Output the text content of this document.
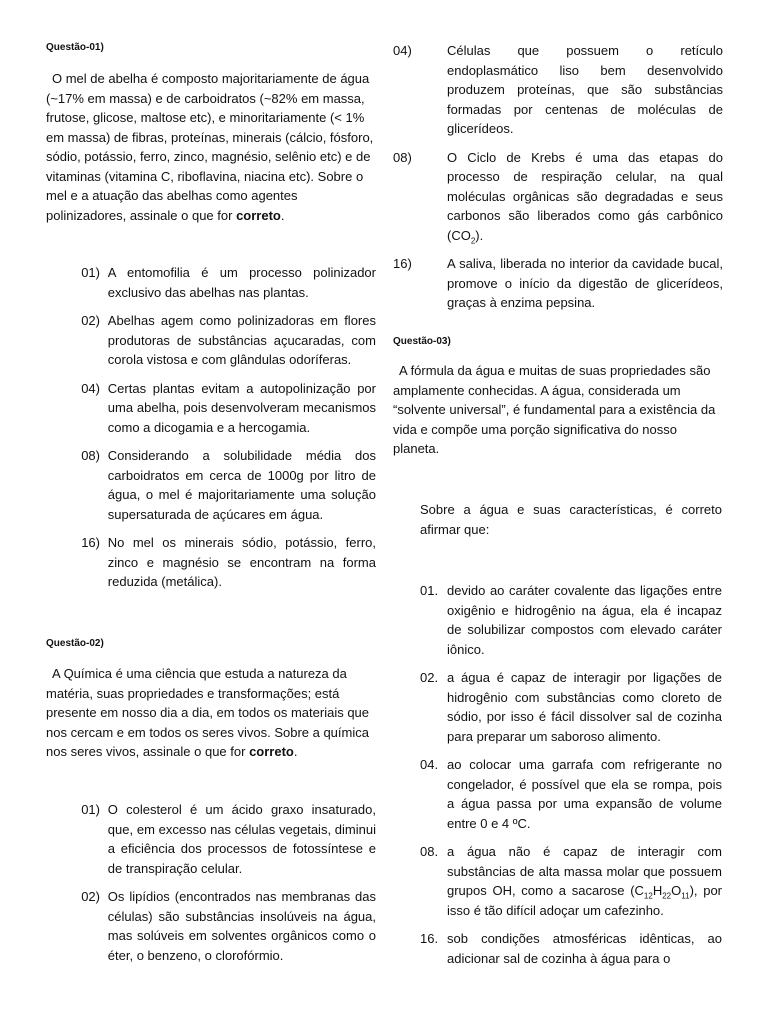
Questão-01)

O mel de abelha é composto majoritariamente de água (~17% em massa) e de carboidratos (~82% em massa, frutose, glicose, maltose etc), e minoritariamente (< 1% em massa) de fibras, proteínas, minerais (cálcio, fósforo, sódio, potássio, ferro, zinco, magnésio, selênio etc) e de vitaminas (vitamina C, riboflavina, niacina etc). Sobre o mel e a atuação das abelhas como agentes polinizadores, assinale o que for correto.

01) A entomofilia é um processo polinizador exclusivo das abelhas nas plantas.
02) Abelhas agem como polinizadoras em flores produtoras de substâncias açucaradas, com corola vistosa e com glândulas odoríferas.
04) Certas plantas evitam a autopolinização por uma abelha, pois desenvolveram mecanismos como a dicogamia e a hercogamia.
08) Considerando a solubilidade média dos carboidratos em cerca de 1000g por litro de água, o mel é majoritariamente uma solução supersaturada de açúcares em água.
16) No mel os minerais sódio, potássio, ferro, zinco e magnésio se encontram na forma reduzida (metálica).

Questão-02)

A Química é uma ciência que estuda a natureza da matéria, suas propriedades e transformações; está presente em nosso dia a dia, em todos os materiais que nos cercam e em todos os seres vivos. Sobre a química nos seres vivos, assinale o que for correto.

01) O colesterol é um ácido graxo insaturado, que, em excesso nas células vegetais, diminui a eficiência dos processos de fotossíntese e de transpiração celular.
02) Os lipídios (encontrados nas membranas das células) são substâncias insolúveis na água, mas solúveis em solventes orgânicos como o éter, o benzeno, o clorofórmio.
04)	Células que possuem o retículo endoplasmático liso bem desenvolvido produzem proteínas, que são substâncias formadas por centenas de moléculas de glicerídeos.
08)	O Ciclo de Krebs é uma das etapas do processo de respiração celular, na qual moléculas orgânicas são degradadas e seus carbonos são liberados como gás carbônico $(CO_2)$.
16)	A saliva, liberada no interior da cavidade bucal, promove o início da digestão de glicerídeos, graças à enzima pepsina.

Questão-03)

A fórmula da água e muitas de suas propriedades são amplamente conhecidas. A água, considerada um “solvente universal”, é fundamental para a existência da vida e compõe uma porção significativa do nosso planeta.

Sobre a água e suas características, é correto afirmar que:

01. devido ao caráter covalente das ligações entre oxigênio e hidrogênio na água, ela é incapaz de solubilizar compostos com elevado caráter iônico.
02. a água é capaz de interagir por ligações de hidrogênio com substâncias como cloreto de sódio, por isso é fácil dissolver sal de cozinha para preparar um saboroso alimento.
04. ao colocar uma garrafa com refrigerante no congelador, é possível que ela se rompa, pois a água passa por uma expansão de volume entre 0 e 4 ºC.
08. a água não é capaz de interagir com substâncias de alta massa molar que possuem grupos OH, como a sacarose $(C_{12}H_{22}O_{11})$, por isso é tão difícil adoçar um cafezinho.
16. sob condições atmosféricas idênticas, ao adicionar sal de cozinha à água para o
